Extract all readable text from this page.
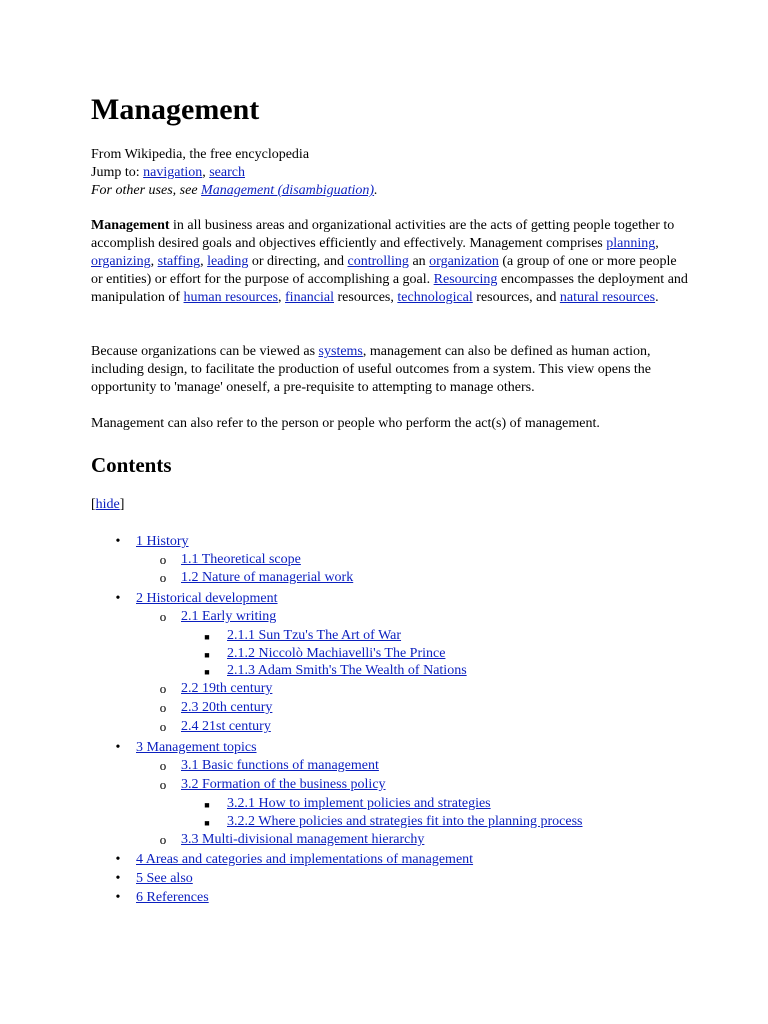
Management
From Wikipedia, the free encyclopedia
Jump to: navigation, search
For other uses, see Management (disambiguation).

Management in all business areas and organizational activities are the acts of getting people together to accomplish desired goals and objectives efficiently and effectively. Management comprises planning, organizing, staffing, leading or directing, and controlling an organization (a group of one or more people or entities) or effort for the purpose of accomplishing a goal. Resourcing encompasses the deployment and manipulation of human resources, financial resources, technological resources, and natural resources.

Because organizations can be viewed as systems, management can also be defined as human action, including design, to facilitate the production of useful outcomes from a system. This view opens the opportunity to 'manage' oneself, a pre-requisite to attempting to manage others.

Management can also refer to the person or people who perform the act(s) of management.

Contents
[hide]
•	1 History
o	1.1 Theoretical scope
o	1.2 Nature of managerial work
•	2 Historical development
o	2.1 Early writing
■	2.1.1 Sun Tzu's The Art of War
■	2.1.2 Niccolò Machiavelli's The Prince
■	2.1.3 Adam Smith's The Wealth of Nations
o	2.2 19th century
o	2.3 20th century
o	2.4 21st century
•	3 Management topics
o	3.1 Basic functions of management
o	3.2 Formation of the business policy
■	3.2.1 How to implement policies and strategies
■	3.2.2 Where policies and strategies fit into the planning process
o	3.3 Multi-divisional management hierarchy
•	4 Areas and categories and implementations of management
•	5 See also
•	6 References
